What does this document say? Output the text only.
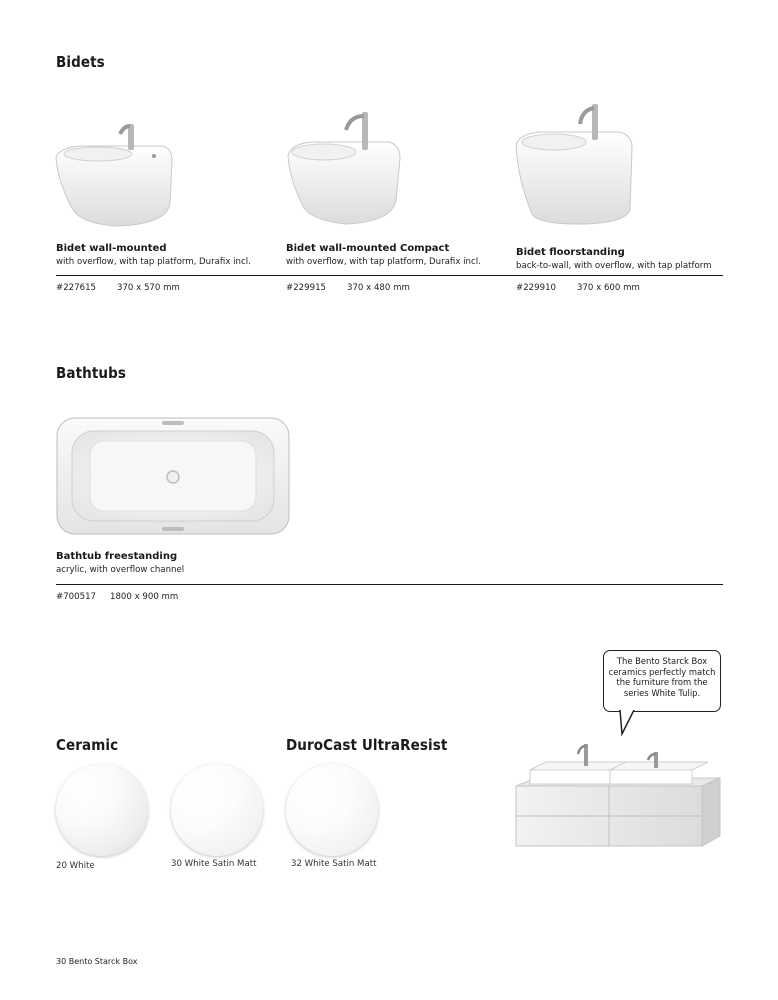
Bidets
Bidet wall-mounted
with overflow, with tap platform, Durafix incl.
#227615 370 x 570 mm
Bidet wall-mounted Compact
with overflow, with tap platform, Durafix incl.
#229915 370 x 480 mm
Bidet floorstanding
back-to-wall, with overflow, with tap platform
#229910 370 x 600 mm
Bathtubs
Bathtub freestanding
acrylic, with overflow channel
#700517 1800 x 900 mm
Ceramic	DuroCast UltraResist
20 White	30 White Satin Matt	32 White Satin Matt
The Bento Starck Box ceramics perfectly match the furniture from the series White Tulip.
30 Bento Starck Box
